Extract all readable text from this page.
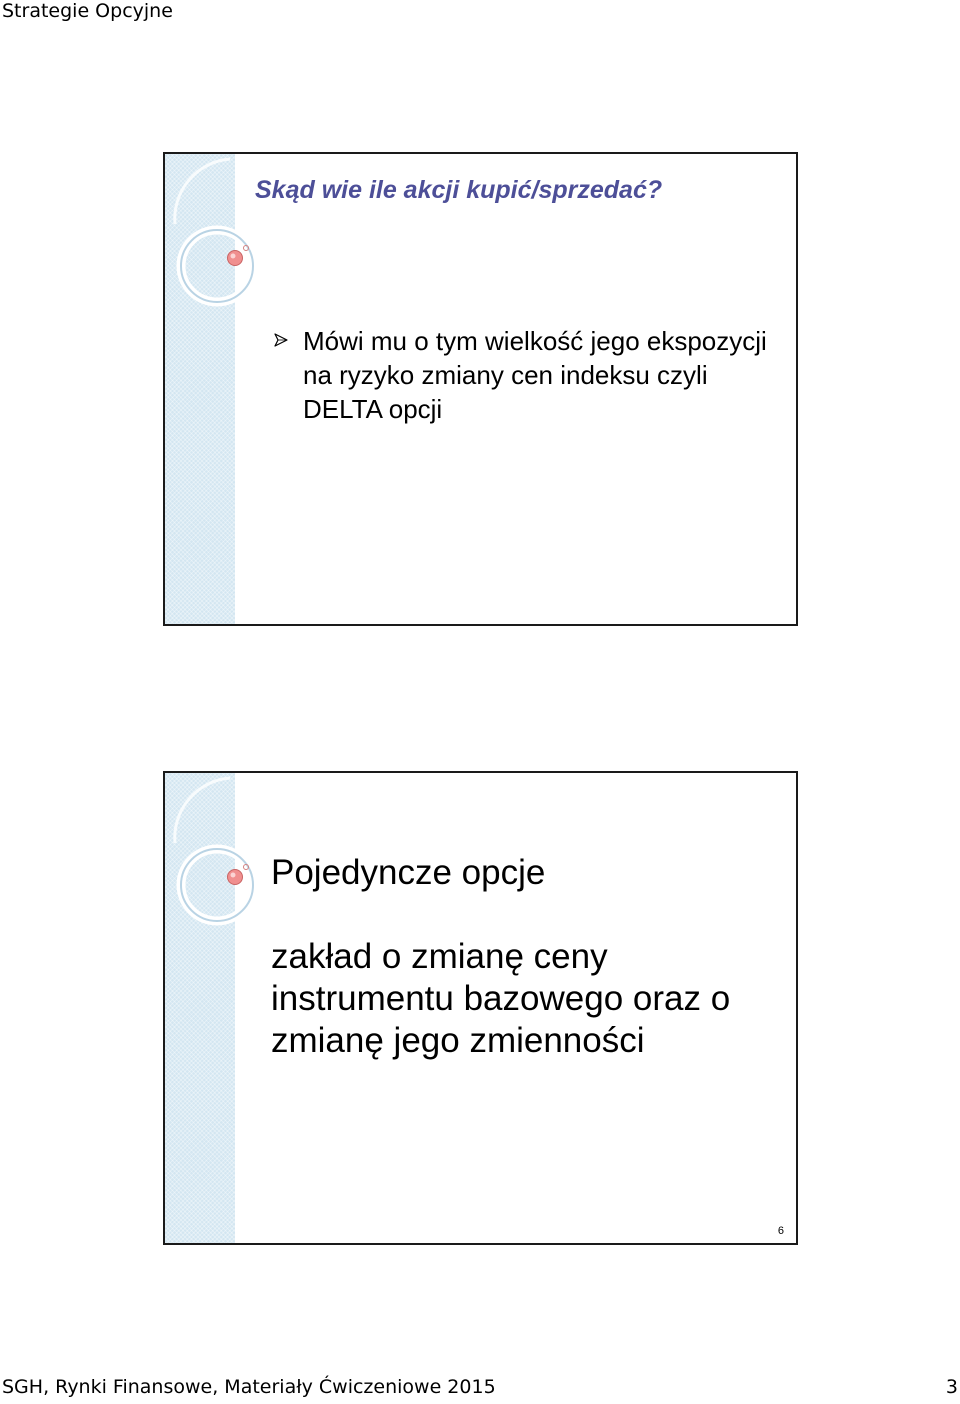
Strategie Opcyjne
Skąd wie ile akcji kupić/sprzedać?
Mówi mu o tym wielkość jego ekspozycji na ryzyko zmiany cen indeksu czyli DELTA opcji
Pojedyncze opcje
zakład o zmianę ceny instrumentu bazowego oraz o zmianę jego zmienności
6
SGH, Rynki Finansowe, Materiały Ćwiczeniowe 2015	3
